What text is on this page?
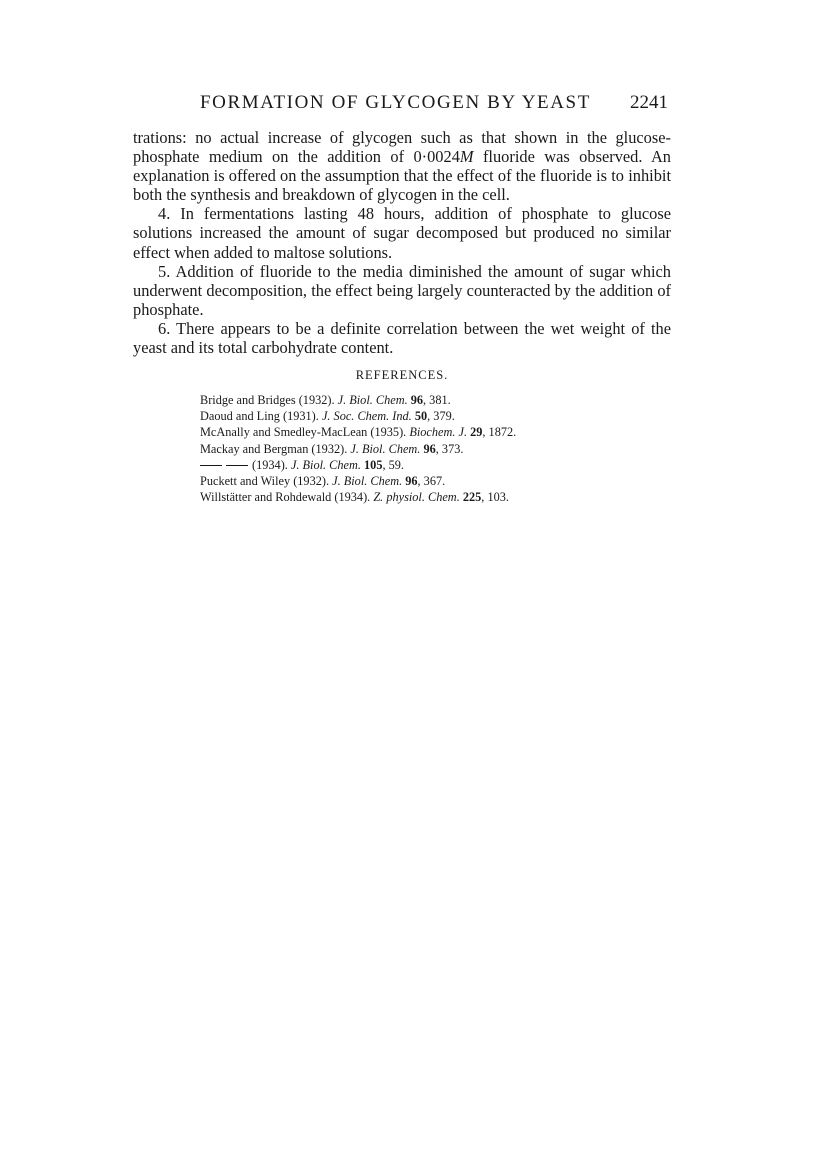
FORMATION OF GLYCOGEN BY YEAST	2241

trations: no actual increase of glycogen such as that shown in the glucose-phosphate medium on the addition of 0·0024M fluoride was observed. An explanation is offered on the assumption that the effect of the fluoride is to inhibit both the synthesis and breakdown of glycogen in the cell.

4. In fermentations lasting 48 hours, addition of phosphate to glucose solutions increased the amount of sugar decomposed but produced no similar effect when added to maltose solutions.

5. Addition of fluoride to the media diminished the amount of sugar which underwent decomposition, the effect being largely counteracted by the addition of phosphate.

6. There appears to be a definite correlation between the wet weight of the yeast and its total carbohydrate content.

REFERENCES.
Bridge and Bridges (1932). J. Biol. Chem. 96, 381.
Daoud and Ling (1931). J. Soc. Chem. Ind. 50, 379.
McAnally and Smedley-MacLean (1935). Biochem. J. 29, 1872.
Mackay and Bergman (1932). J. Biol. Chem. 96, 373.
(1934). J. Biol. Chem. 105, 59.
Puckett and Wiley (1932). J. Biol. Chem. 96, 367.
Willstätter and Rohdewald (1934). Z. physiol. Chem. 225, 103.
